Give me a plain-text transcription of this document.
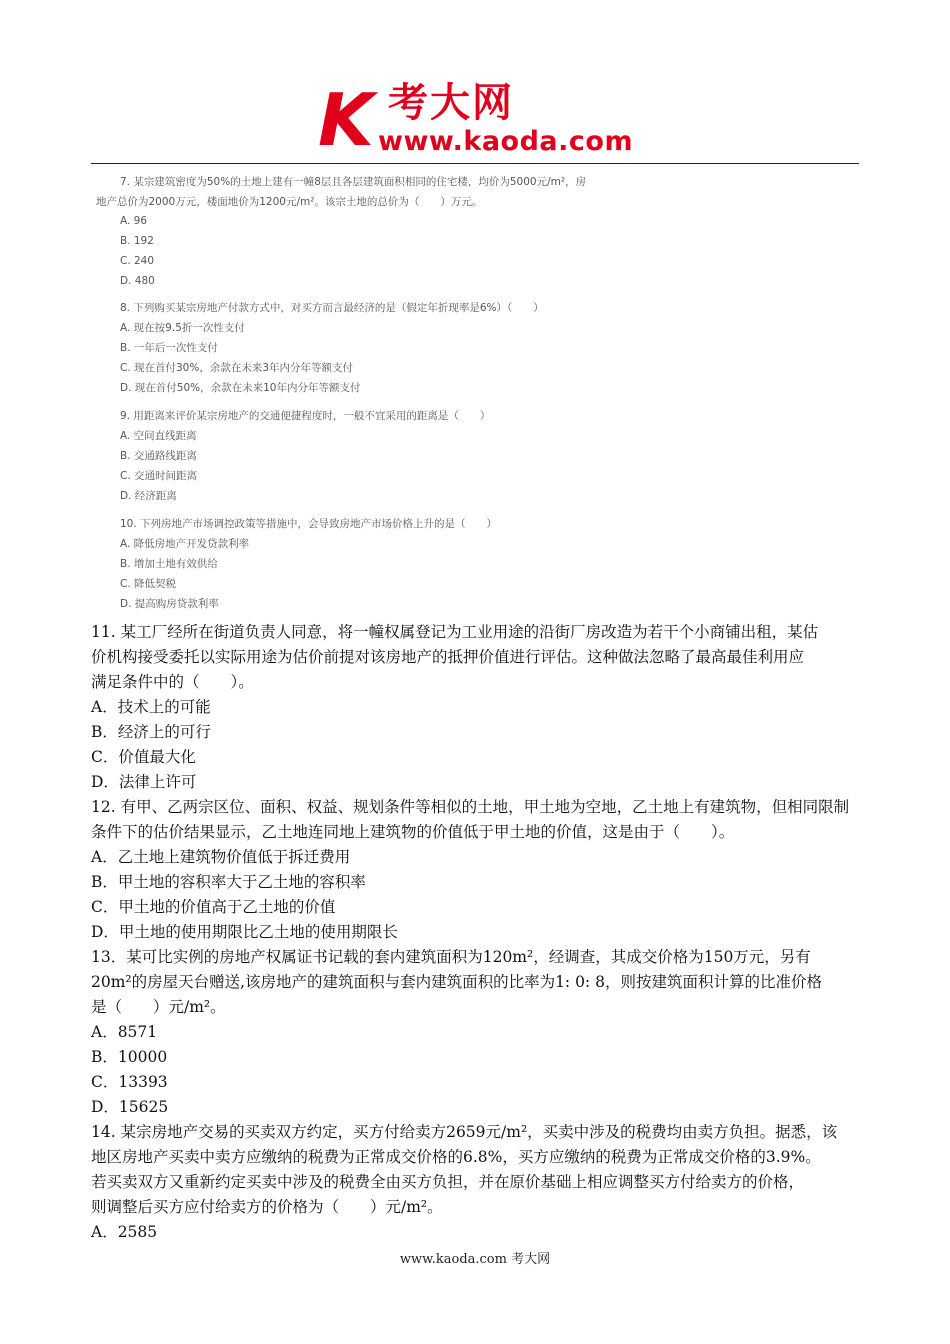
K 考大网
www.kaoda.com
7. 某宗建筑密度为50%的土地上建有一幢8层且各层建筑面积相同的住宅楼，均价为5000元/m²，房
地产总价为2000万元，楼面地价为1200元/m²。该宗土地的总价为（　　）万元。
A. 96
B. 192
C. 240
D. 480
8. 下列购买某宗房地产付款方式中，对买方而言最经济的是（假定年折现率是6%）（　　）
A. 现在按9.5折一次性支付
B. 一年后一次性支付
C. 现在首付30%，余款在未来3年内分年等额支付
D. 现在首付50%，余款在未来10年内分年等额支付
9. 用距离来评价某宗房地产的交通便捷程度时，一般不宜采用的距离是（　　）
A. 空间直线距离
B. 交通路线距离
C. 交通时间距离
D. 经济距离
10. 下列房地产市场调控政策等措施中，会导致房地产市场价格上升的是（　　）
A. 降低房地产开发贷款利率
B. 增加土地有效供给
C. 降低契税
D. 提高购房贷款利率

11. 某工厂经所在街道负责人同意，将一幢权属登记为工业用途的沿街厂房改造为若干个小商铺出租，某估

价机构接受委托以实际用途为估价前提对该房地产的抵押价值进行评估。这种做法忽略了最高最佳利用应

满足条件中的（　　）。

A．技术上的可能

B．经济上的可行

C．价值最大化

D．法律上许可

12. 有甲、乙两宗区位、面积、权益、规划条件等相似的土地，甲土地为空地，乙土地上有建筑物，但相同限制

条件下的估价结果显示，乙土地连同地上建筑物的价值低于甲土地的价值，这是由于（　　）。

A．乙土地上建筑物价值低于拆迁费用

B．甲土地的容积率大于乙土地的容积率

C．甲土地的价值高于乙土地的价值

D．甲土地的使用期限比乙土地的使用期限长

13．某可比实例的房地产权属证书记载的套内建筑面积为120m²，经调查，其成交价格为150万元，另有

20m²的房屋天台赠送,该房地产的建筑面积与套内建筑面积的比率为1: 0: 8，则按建筑面积计算的比准价格

是（　　）元/m²。

A．8571

B．10000

C．13393

D．15625

14. 某宗房地产交易的买卖双方约定，买方付给卖方2659元/m²，买卖中涉及的税费均由卖方负担。据悉，该

地区房地产买卖中卖方应缴纳的税费为正常成交价格的6.8%，买方应缴纳的税费为正常成交价格的3.9%。

若买卖双方又重新约定买卖中涉及的税费全由买方负担，并在原价基础上相应调整买方付给卖方的价格，

则调整后买方应付给卖方的价格为（　　）元/m²。

A．2585

www.kaoda.com 考大网
